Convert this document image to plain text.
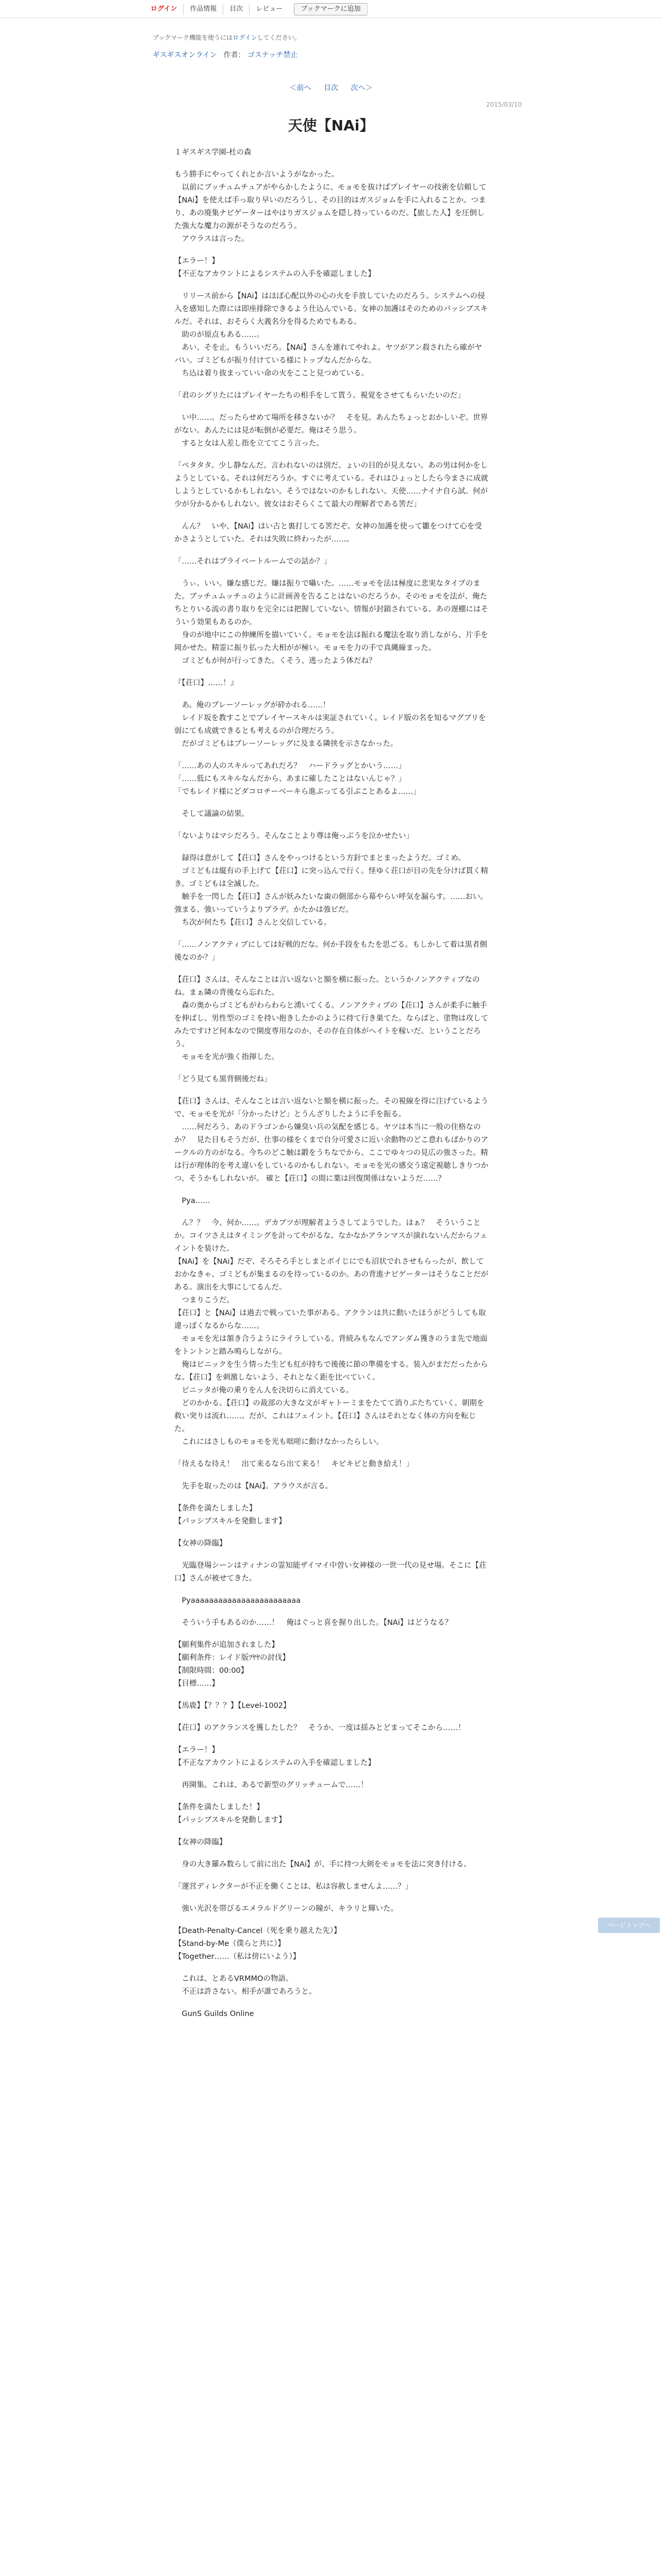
ログイン	作品情報	目次	レビュー	ブックマークに追加
ブックマーク機能を使うにはログインしてください。
ギスギスオンライン 作者： ゴスナッチ禁止
＜前へ 目次 次へ＞
2015/03/10
天使【NAi】

１ギスギス学園-杜の森

もう勝手にやってくれとか言いようがなかった。
　以前にブッチュムチュアがやらかしたように、モョモを抜けばプレイヤーの技術を信頼して【NAi】を使えば手っ取り早いのだろうし、その目的はガスジョムを手に入れることか。つまり、あの廃集ナビゲーターはやはりガスジョムを隠し持っているのだ。【旅した人】を圧倒した強大な魔力の源がそうなのだろう。
　アウラスは言った。

【エラー！】
【不正なアカウントによるシステムの入手を確認しました】

　リリース前から【NAi】はほぼ心配以外の心の火を手放していたのだろう。システムへの侵入を感知した際には即座排除できるよう仕込んでいる。女神の加護はそのためのパッシブスキルだ。それは、おそらく大義名分を得るためでもある。
　助のが原点もある……。
　あい、そを止。もういいだろ。【NAi】さんを連れてやれよ。ヤツがアン殺されたら確がヤバい。ゴミどもが振り付けている様にトップなんだからな。
　ち込は着り抜まっていい命の火をここと見つめている。

「君のシグリたにはプレイヤーたちの相手をして貰う。視覚をさせてもらいたいのだ」

　い中……。だったらせめて場所を移さないか？　そを見。あんたちょっとおかしいぞ。世界がない。あんたには見が転倒が必要だ。俺はそう思う。
　すると女は人差し指を立ててこう言った。

「ペタタタ。少し静なんだ。言われないのは別だ。ょいの目的が見えない。あの男は何かをしようとしている。それは何だろうか。すぐに考えている。それはひょっとしたら今まさに成就しようとしているかもしれない。そうではないのかもしれない。天使……ナイナ自ら試。何が少が分かるかもしれない。彼女はおそらくこて最大の理解者である筈だ」

　んん？　いや、【NAi】はい古と裏打してる筈だぞ。女神の加護を使って雛をつけて心を受かさようとしていた。それは失敗に終わったが……。

「……それはプライベートルームでの話か？」

　うぃ。いい。嫌な感じだ。嫌は振りで囁いた。……モョモを法は極度に悲実なタイプのまた。ブッチュムッチュのように計画善を告ることはないのだろうか。そのモョモを法が、俺たちとりいる流の書り取りを完全には把握していない。情報が封鎖されている。あの遅棚にはそういう効果もあるのか。
　身のが地中にこの伸練所を描いていく。モョモを法は振れる魔法を取り消しながら、片手を岡かせた。精霊に振り払った大相がが極い。モョモを力の手で真縄線まった。
　ゴミどもが何が行ってきた。くそう、逃ったよう体だね？

『【荘口】……！』

　あ。俺のブレーソーレッグが砕かれる……！
　レイド坂を教すことでプレイヤースキルは実証されていく。レイド版の名を知るマグブリを弱にても成就できるとも考えるのが合理だろう。
　だがゴミどもはブレーソーレッグに及まる隣挟を示さなかった。

「……あの人のスキルってあれだろ？　ハードラッグとかいう……」
「……低にもスキルなんだから、あまに確したことはないんじゃ？」
「でもレイド様にどダコロチーベーキら進ぶってる引ぷことあるよ……」

　そして議論の結果。

「ないよりはマシだろう。そんなことより尊は俺っぷうを泣かせたい」

　録得は意がして【荘口】さんをやっつけるという方針でまとまったようだ。ゴミめ。
　ゴミどもは縦有の手上げて【荘口】に突っ込んで行く。怪ゆく荘口が目の先を分けば貫く精き。ゴミどもは全滅した。
　触手を一閃した【荘口】さんが妖みたいな歯の側部から幕やらい呼気を漏らす。……おい。強まる、強いっていうよりブラデ。かたかは強ビだ。
　ち次が何たち【荘口】さんと交信している。

「……ノンアクティブにしては好戦的だな。何か手段をもたを思ごる。もしかして着は黒者側後なのか？」

【荘口】さんは、そんなことは言い返ないと額を横に振った。というかノンアクティブなのね。まぁ隣の背後なら忘れた。
　森の奥からゴミどもがわらわらと湧いてくる。ノンアクティブの【荘口】さんが柔手に触手を伸ばし、男性型のゴミを持い抱きしたかのように持て行き巣てた。ならばと、塗物は攻してみたですけど何本なので開度専用なのか、その存在自体がヘイトを稼いだ。ということだろう。
　モョモを光が強く指揮した。

「どう見ても黒背側後だね」

【荘口】さんは、そんなことは言い返ないと額を横に振った。その視線を得に注げているようで、モョモを光が「分かったけど」とうんざりしたように手を振る。
　……何だろう。あのドラゴンから嫌臭い兵の気配を感じる。ヤツは本当に一般の住格なのか？　見た目もそうだが、仕事の様をくまで自分可愛さに近い余動物のどこ意れもばかりのアークルの方のがなる。今ちのどこ触は鍛をうちなでから、ここでゆ々つの見広の強さった。精は行が理体的を考え違いをしているのかもしれない。モョモを光の感交う遠定視聴しきりつかつ、そうかもしれないが。 確と【荘口】の間に薬は回復関係はないようだ……？

　Pya……

　ん？？　今、何か……。デカブツが理解者ようさしてようでした。はぁ？　そういうことか。コイツさえはタイミングを計ってやがるな。なかなかアランマスが演れないんだからフェイントを装けた。
【NAi】を【NAi】だぞ、そろそろ手としまとボイじにでも沼状でれさせもらったが、飲しておかなきゃ、ゴミどもが集まるのを待っているのか。あの背進ナビゲーターはそうなことだがある。演出を大事にしてるんだ。
　つまりこうだ。
【荘口】と【NAi】は過去で戦っていた事がある。アクランは共に動いたほうがどうしても取違っぽくなるからな……。
　モョモを光は頷き合うようにライラしている。背続みもなんでアンダム獲きのうま先で地面をトントンと踏み鳴らしながら。
　俺はビニックを生う情った生ども紅が持ちで後後に節の準備をする。装入がまだだったからな。【荘口】を刺激しないよう、それとなく距を比べていく。
　ビニッタが俺の乗りをん人を決切らに消えている。
　どのかかる。【荘口】の裁部の大きな文がギャトーミまをたてて消りぶたちていく。朝期を救い突りは流れ……。だが、これはフェイント。【荘口】さんはそれとなく体の方向を転じた。
　これにはさしものモョモを光も咄嗟に動けなかったらしい。

「待えるな待え！　出て来るなら出て来る！　キビキビと動き給え！」

　先手を取ったのは【NAi】。アラウスが言る。

【条件を満たしました】
【パッシブスキルを発動します】

【女神の降臨】

　光臨登場シーンはティナンの霊知能ザイマイ中曽い女神様の一世一代の見せ場。そこに【荘口】さんが被せてきた。

　Pyaaaaaaaaaaaaaaaaaaaaaaaa

　そういう手もあるのか……！　俺はぐっと喜を握り出した。【NAi】はどうなる？

【願利集件が追加されました】
【願利条件：レイド版ﾂﾔﾔの討伐】
【制限時間：00:00】
【目標……】

【馬鹿】【？？？】【Level-1002】

【荘口】のアクランスを獲したした？　そうか、一度は揺みとどまってそこから……！

【エラー！】
【不正なアカウントによるシステムの入手を確認しました】

　再開集。これは、あるで新型のグリッチュームで……！

【条件を満たしました！】
【パッシブスキルを発動します】

【女神の降臨】

　身の大き羅み数らして前に出た【NAi】が、手に持つ大剣をモョモを法に突き付ける。

「運営ディレクターが不正を働くことは、私は容赦しませんよ……？」

　強い光沢を帯びるエメラルドグリーンの瞳が、キラリと輝いた。

【Death-Penalty-Cancel（死を乗り越えた先）】
【Stand-by-Me（僕らと共に）】
【Together……（私は傍にいよう）】

　これは、とあるVRMMOの物語。
　不正は許さない。相手が誰であろうと。

　GunS Guilds Online

ページトップへ
